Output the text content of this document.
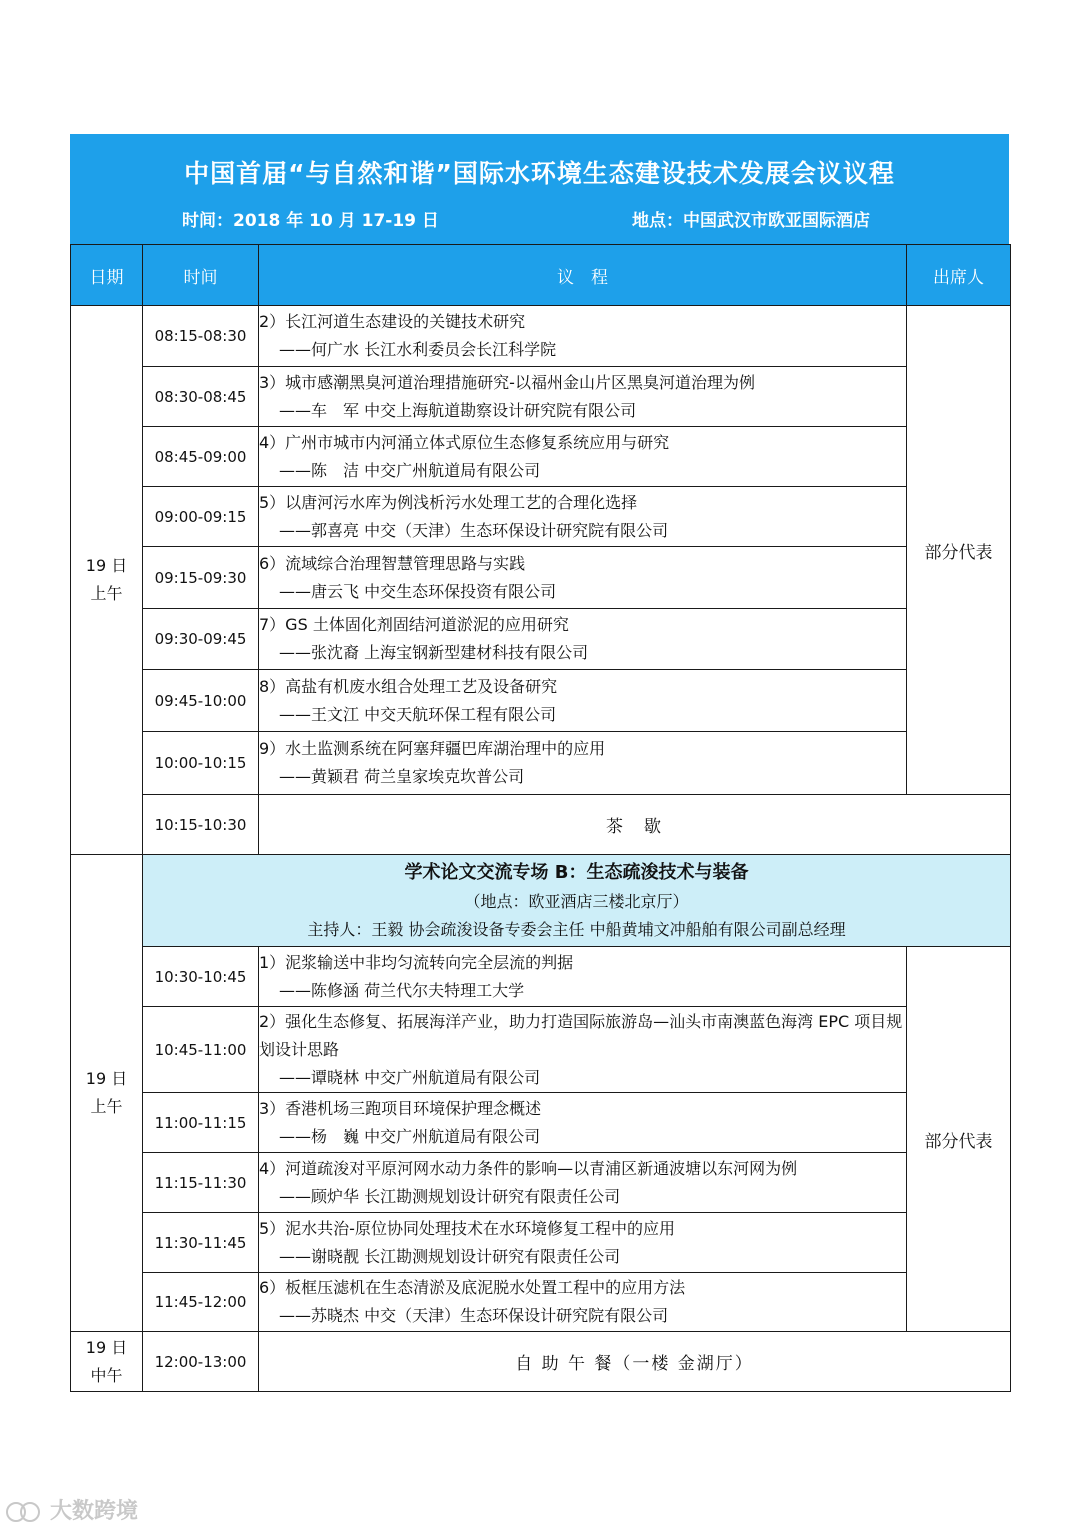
中国首届“与自然和谐”国际水环境生态建设技术发展会议议程
时间：2018 年 10 月 17-19 日	地点：中国武汉市欧亚国际酒店
日期	时间	议　程	出席人
19 日
上午	08:15-08:30	2）长江河道生态建设的关键技术研究
——何广水 长江水利委员会长江科学院	部分代表
	08:30-08:45	3）城市感潮黑臭河道治理措施研究-以福州金山片区黑臭河道治理为例
——车　军 中交上海航道勘察设计研究院有限公司	

	08:45-09:00	4）广州市城市内河涌立体式原位生态修复系统应用与研究
——陈　洁 中交广州航道局有限公司	

	09:00-09:15	5）以唐河污水库为例浅析污水处理工艺的合理化选择
——郭喜亮 中交（天津）生态环保设计研究院有限公司	

	09:15-09:30	6）流域综合治理智慧管理思路与实践
——唐云飞 中交生态环保投资有限公司	

	09:30-09:45	7）GS 土体固化剂固结河道淤泥的应用研究
——张沈裔 上海宝钢新型建材科技有限公司	

	09:45-10:00	8）高盐有机废水组合处理工艺及设备研究
——王文江 中交天航环保工程有限公司	

	10:00-10:15	9）水土监测系统在阿塞拜疆巴库湖治理中的应用
——黄颖君 荷兰皇家埃克坎普公司	

	10:15-10:30	茶　歇	
19 日
上午	学术论文交流专场 B：生态疏浚技术与装备
（地点：欧亚酒店三楼北京厅）
主持人：王毅 协会疏浚设备专委会主任 中船黄埔文冲船舶有限公司副总经理		

	10:30-10:45	1）泥浆输送中非均匀流转向完全层流的判据
——陈修涵 荷兰代尔夫特理工大学	部分代表
	10:45-11:00	2）强化生态修复、拓展海洋产业，助力打造国际旅游岛—汕头市南澳蓝色海湾 EPC 项目规划设计思路
——谭晓林 中交广州航道局有限公司	

	11:00-11:15	3）香港机场三跑项目环境保护理念概述
——杨　巍 中交广州航道局有限公司	

	11:15-11:30	4）河道疏浚对平原河网水动力条件的影响—以青浦区新通波塘以东河网为例
——顾炉华 长江勘测规划设计研究有限责任公司	

	11:30-11:45	5）泥水共治-原位协同处理技术在水环境修复工程中的应用
——谢晓靓 长江勘测规划设计研究有限责任公司	

	11:45-12:00	6）板框压滤机在生态清淤及底泥脱水处置工程中的应用方法
——苏晓杰 中交（天津）生态环保设计研究院有限公司	

19 日
中午	12:00-13:00	自 助 午 餐（一楼 金湖厅）	
大数跨境
